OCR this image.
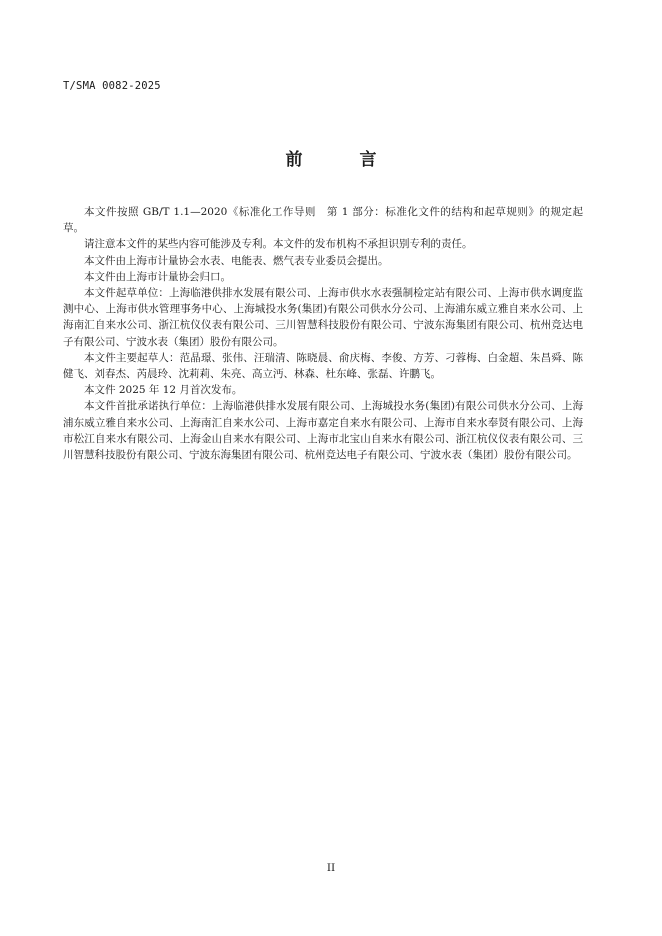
T/SMA 0082-2025
前　言

本文件按照 GB/T 1.1—2020《标准化工作导则　第 1 部分：标准化文件的结构和起草规则》的规定起草。

请注意本文件的某些内容可能涉及专利。本文件的发布机构不承担识别专利的责任。

本文件由上海市计量协会水表、电能表、燃气表专业委员会提出。

本文件由上海市计量协会归口。

本文件起草单位：上海临港供排水发展有限公司、上海市供水水表强制检定站有限公司、上海市供水调度监测中心、上海市供水管理事务中心、上海城投水务(集团)有限公司供水分公司、上海浦东威立雅自来水公司、上海南汇自来水公司、浙江杭仪仪表有限公司、三川智慧科技股份有限公司、宁波东海集团有限公司、杭州竞达电子有限公司、宁波水表（集团）股份有限公司。

本文件主要起草人：范晶璟、张伟、汪瑞清、陈晓晨、俞庆梅、李俊、方芳、刁蓉梅、白金超、朱昌舜、陈健飞、刘春杰、芮晨玲、沈莉莉、朱亮、高立沔、林森、杜东峰、张磊、许鹏飞。

本文件 2025 年 12 月首次发布。

本文件首批承诺执行单位：上海临港供排水发展有限公司、上海城投水务(集团)有限公司供水分公司、上海浦东威立雅自来水公司、上海南汇自来水公司、上海市嘉定自来水有限公司、上海市自来水奉贤有限公司、上海市松江自来水有限公司、上海金山自来水有限公司、上海市北宝山自来水有限公司、浙江杭仪仪表有限公司、三川智慧科技股份有限公司、宁波东海集团有限公司、杭州竞达电子有限公司、宁波水表（集团）股份有限公司。

II
